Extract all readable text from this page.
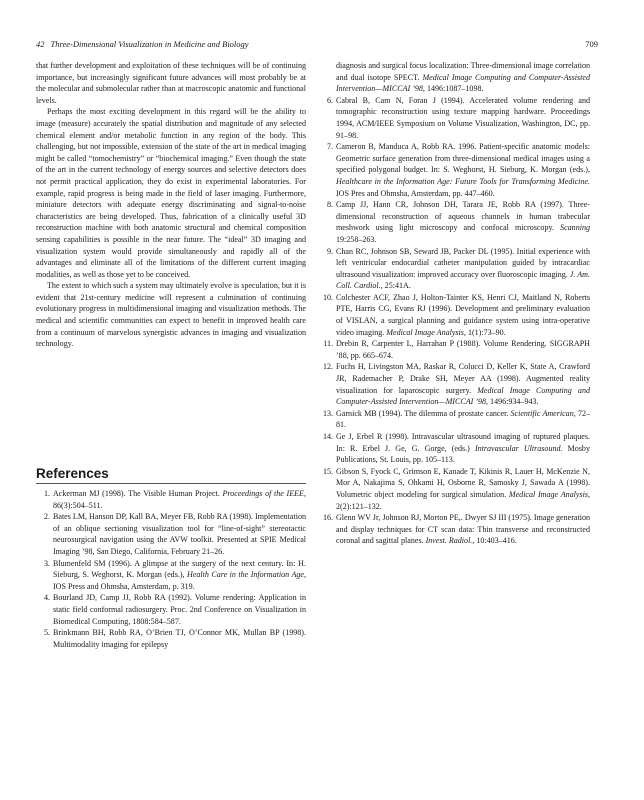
42 Three-Dimensional Visualization in Medicine and Biology	709

that further development and exploitation of these techniques will be of continuing importance, but increasingly significant future advances will most probably be at the molecular and submolecular rather than at macroscopic anatomic and functional levels.

Perhaps the most exciting development in this regard will be the ability to image (measure) accurately the spatial distribution and magnitude of any selected chemical element and/or metabolic function in any region of the body. This challenging, but not impossible, extension of the state of the art in medical imaging might be called “tomochemistry” or “biochemical imaging.” Even though the state of the art in the current technology of energy sources and selective detectors does not permit practical application, they do exist in experimental laboratories. For example, rapid progress is being made in the field of laser imaging. Furthermore, miniature detectors with adequate energy discriminating and signal-to-noise characteristics are being developed. Thus, fabrication of a clinically useful 3D reconstruction machine with both anatomic structural and chemical composition sensing capabilities is possible in the near future. The “ideal” 3D imaging and visualization system would provide simultaneously and rapidly all of the advantages and eliminate all of the limitations of the different current imaging modalities, as well as those yet to be conceived.

The extent to which such a system may ultimately evolve is speculation, but it is evident that 21st-century medicine will represent a culmination of continuing evolutionary progress in multidimensional imaging and visualization methods. The medical and scientific communities can expect to benefit in improved health care from a continuum of marvelous synergistic advances in imaging and visualization technology.

References

1. Ackerman MJ (1998). The Visible Human Project. Proceedings of the IEEE, 86(3):504–511.

2. Bates LM, Hanson DP, Kall BA, Meyer FB, Robb RA (1998). Implementation of an oblique sectioning visualization tool for “line-of-sight” stereotactic neurosurgical navigation using the AVW toolkit. Presented at SPIE Medical Imaging ’98, San Diego, California, February 21–26.

3. Blumenfeld SM (1996). A glimpse at the surgery of the next century. In: H. Sieburg, S. Weghorst, K. Morgan (eds.), Health Care in the Information Age, IOS Press and Ohmsha, Amsterdam, p. 319.

4. Bourland JD, Camp JJ, Robb RA (1992). Volume rendering: Application in static field conformal radiosurgery. Proc. 2nd Conference on Visualization in Biomedical Computing, 1808:584–587.

5. Brinkmann BH, Robb RA, O’Brien TJ, O’Connor MK, Mullan BP (1998). Multimodality imaging for epilepsy

diagnosis and surgical focus localization: Three-dimensional image correlation and dual isotope SPECT. Medical Image Computing and Computer-Assisted Intervention—MICCAI ’98, 1496:1087–1098.

6. Cabral B, Cam N, Foran J (1994). Accelerated volume rendering and tomographic reconstruction using texture mapping hardware. Proceedings 1994, ACM/IEEE Symposium on Volume Visualization, Washington, DC, pp. 91–98.

7. Cameron B, Manduca A, Robb RA. 1996. Patient-specific anatomic models: Geometric surface generation from three-dimensional medical images using a specified polygonal budget. In: S. Weghorst, H. Sieburg, K. Morgan (eds.), Healthcare in the Information Age: Future Tools for Transforming Medicine. IOS Pres and Ohmsha, Amsterdam, pp. 447–460.

8. Camp JJ, Hann CR, Johnson DH, Tarara JE, Robb RA (1997). Three-dimensional reconstruction of aqueous channels in human trabecular meshwork using light microscopy and confocal microscopy. Scanning 19:258–263.

9. Chan RC, Johnson SB, Seward JB, Packer DL (1995). Initial experience with left ventricular endocardial catheter manipulation guided by intracardiac ultrasound visualization: improved accuracy over fluoroscopic imaging. J. Am. Coll. Cardiol., 25:41A.

10. Colchester ACF, Zhao J, Holton-Tainter KS, Henri CJ, Maitland N, Roberts PTE, Harris CG, Evans RJ (1996). Development and preliminary evaluation of VISLAN, a surgical planning and guidance system using intra-operative video imaging. Medical Image Analysis, 1(1):73–90.

11. Drebin R, Carpenter L, Harrahan P (1988). Volume Rendering. SIGGRAPH ’88, pp. 665–674.

12. Fuchs H, Livingston MA, Raskar R, Colucci D, Keller K, State A, Crawford JR, Rademacher P, Drake SH, Meyer AA (1998). Augmented reality visualization for laparoscopic surgery. Medical Image Computing and Computer-Assisted Intervention—MICCAI ’98, 1496:934–943.

13. Garnick MB (1994). The dilemma of prostate cancer. Scientific American, 72–81.

14. Ge J, Erbel R (1998). Intravascular ultrasound imaging of ruptured plaques. In: R. Erbel J. Ge, G. Gorge, (eds.) Intravascular Ultrasound. Mosby Publications, St. Louis, pp. 105–113.

15. Gibson S, Fyock C, Grimson E, Kanade T, Kikinis R, Lauer H, McKenzie N, Mor A, Nakajima S, Ohkami H, Osborne R, Samosky J, Sawada A (1998). Volumetric object modeling for surgical simulation. Medical Image Analysis, 2(2):121–132.

16. Glenn WV Jr, Johnson RJ, Morton PE,. Dwyer SJ III (1975). Image generation and display techniques for CT scan data: Thin transverse and reconstructed coronal and sagittal planes. Invest. Radiol., 10:403–416.
